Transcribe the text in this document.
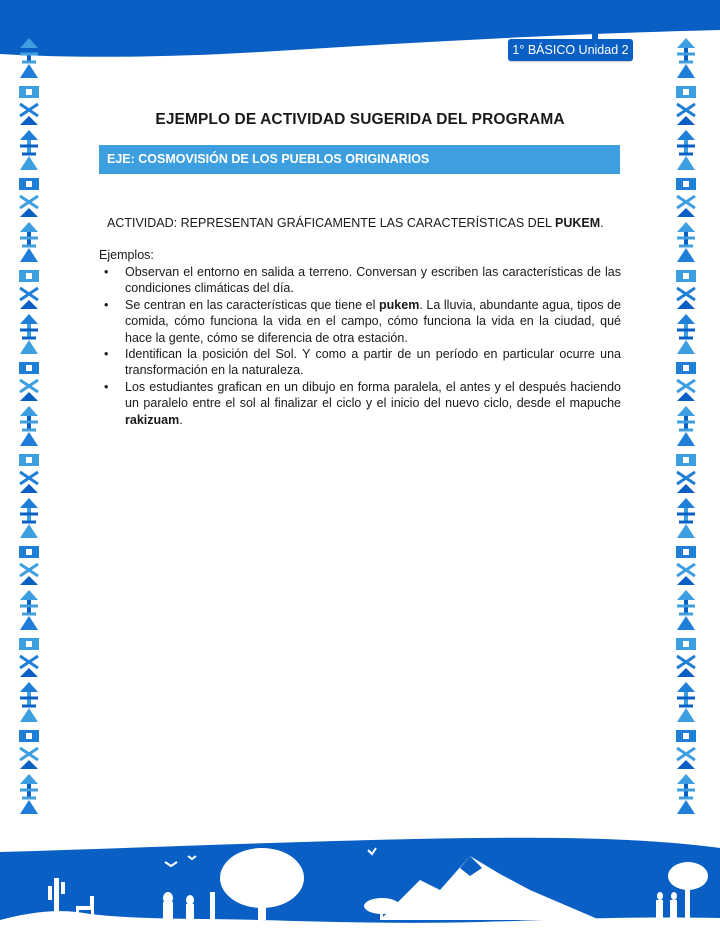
1° BÁSICO Unidad 2
EJEMPLO DE ACTIVIDAD SUGERIDA DEL PROGRAMA
EJE: COSMOVISIÓN DE LOS PUEBLOS ORIGINARIOS
ACTIVIDAD: REPRESENTAN GRÁFICAMENTE LAS CARACTERÍSTICAS DEL PUKEM.
Ejemplos:
• Observan el entorno en salida a terreno. Conversan y escriben las características de las condiciones climáticas del día.
• Se centran en las características que tiene el pukem. La lluvia, abundante agua, tipos de comida, cómo funciona la vida en el campo, cómo funciona la vida en la ciudad, qué hace la gente, cómo se diferencia de otra estación.
• Identifican la posición del Sol. Y como a partir de un período en particular ocurre una transformación en la naturaleza.
• Los estudiantes grafican en un dibujo en forma paralela, el antes y el después haciendo un paralelo entre el sol al finalizar el ciclo y el inicio del nuevo ciclo, desde el mapuche rakizuam.
